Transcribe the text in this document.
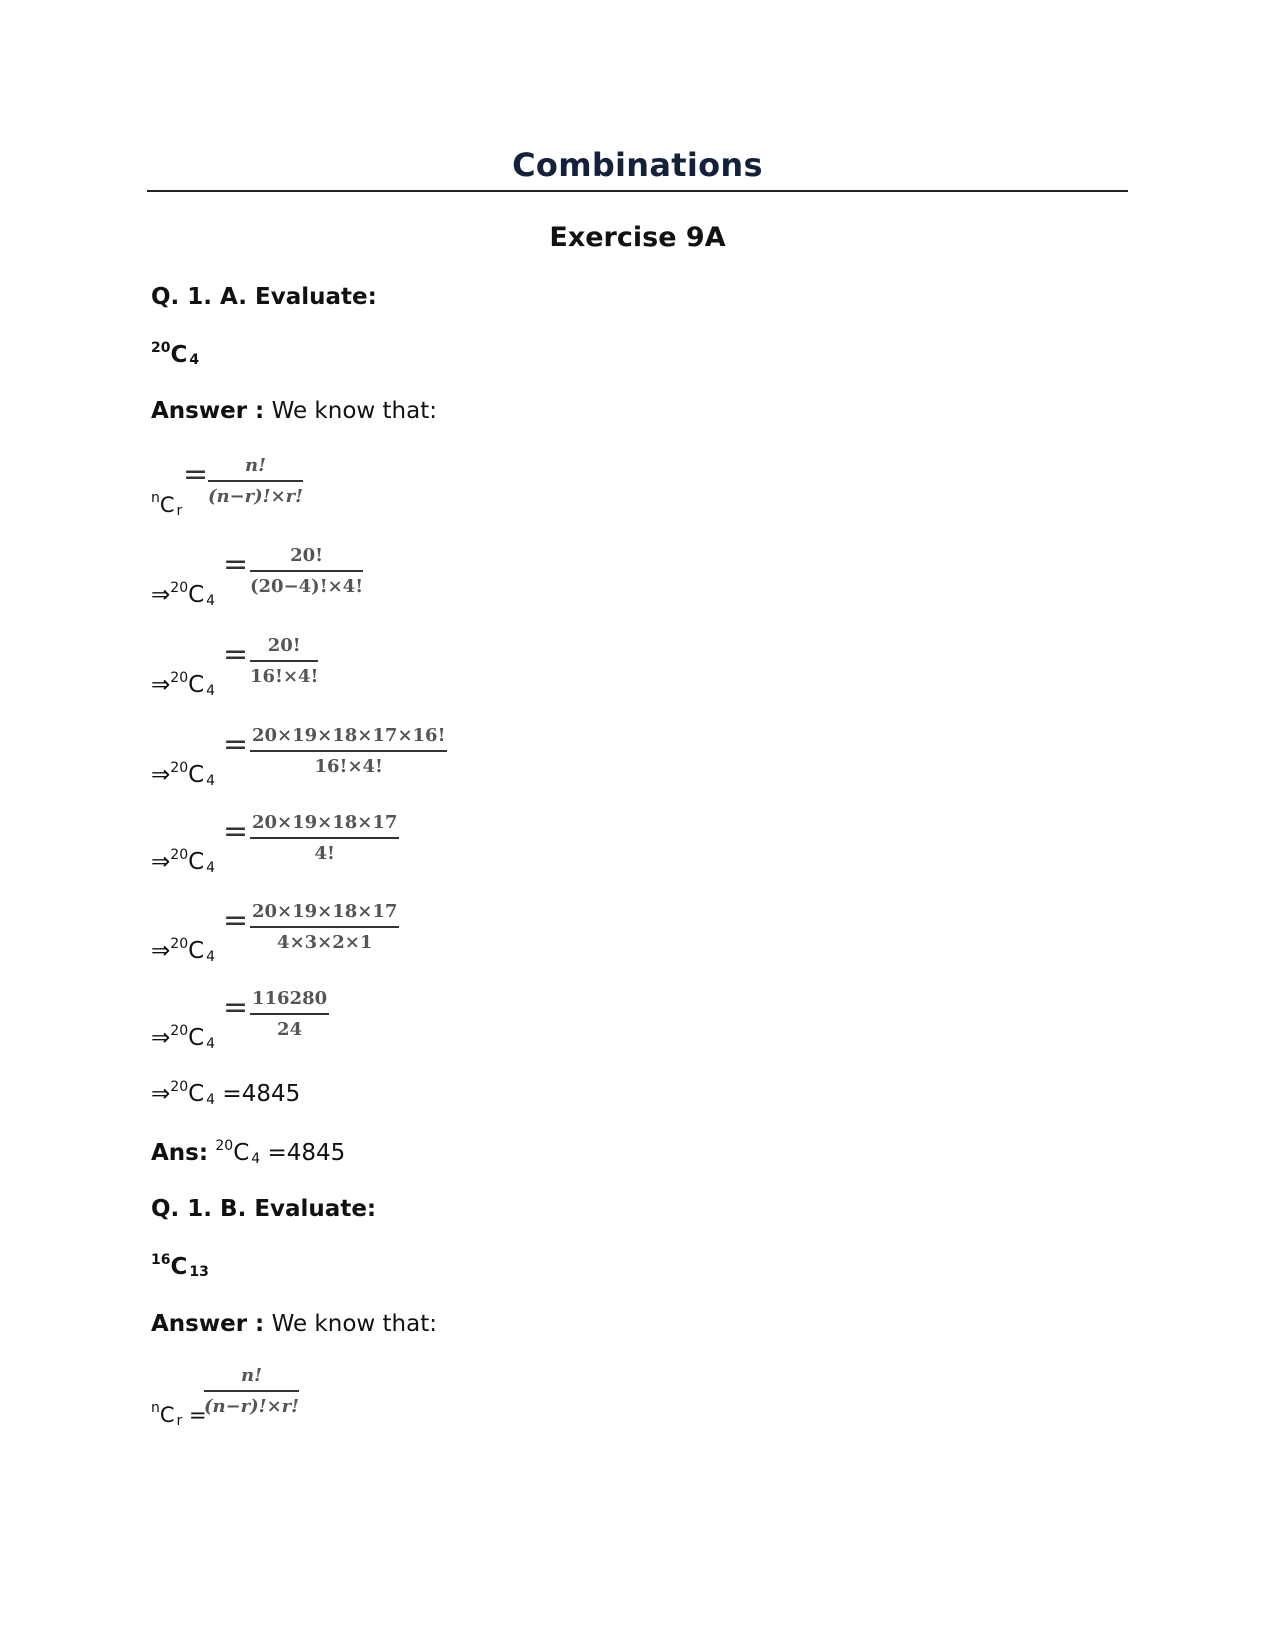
Combinations
Exercise 9A
Q. 1. A. Evaluate:
$^{20}$C $_4$
Answer : We know that:
$^n$C $_r$
= $\frac{n!}{(n-r)!\times r!}$
⇒$^{20}$C $_4$
= $\frac{20!}{(20-4)!\times 4!}$
⇒$^{20}$C $_4$
= $\frac{20!}{16!\times 4!}$
⇒$^{20}$C $_4$
= $\frac{20\times 19\times 18\times 17\times 16!}{16!\times 4!}$
⇒$^{20}$C $_4$
= $\frac{20\times 19\times 18\times 17}{4!}$
⇒$^{20}$C $_4$
= $\frac{20\times 19\times 18\times 17}{4\times 3\times 2\times 1}$
⇒$^{20}$C $_4$
= $\frac{116280}{24}$
⇒$^{20}$C $_4$ =4845
Ans: $^{20}$C $_4$ =4845
Q. 1. B. Evaluate:
$^{16}$C $_{13}$
Answer : We know that:
$^n$C $_r$ =
$\frac{n!}{(n-r)!\times r!}$
